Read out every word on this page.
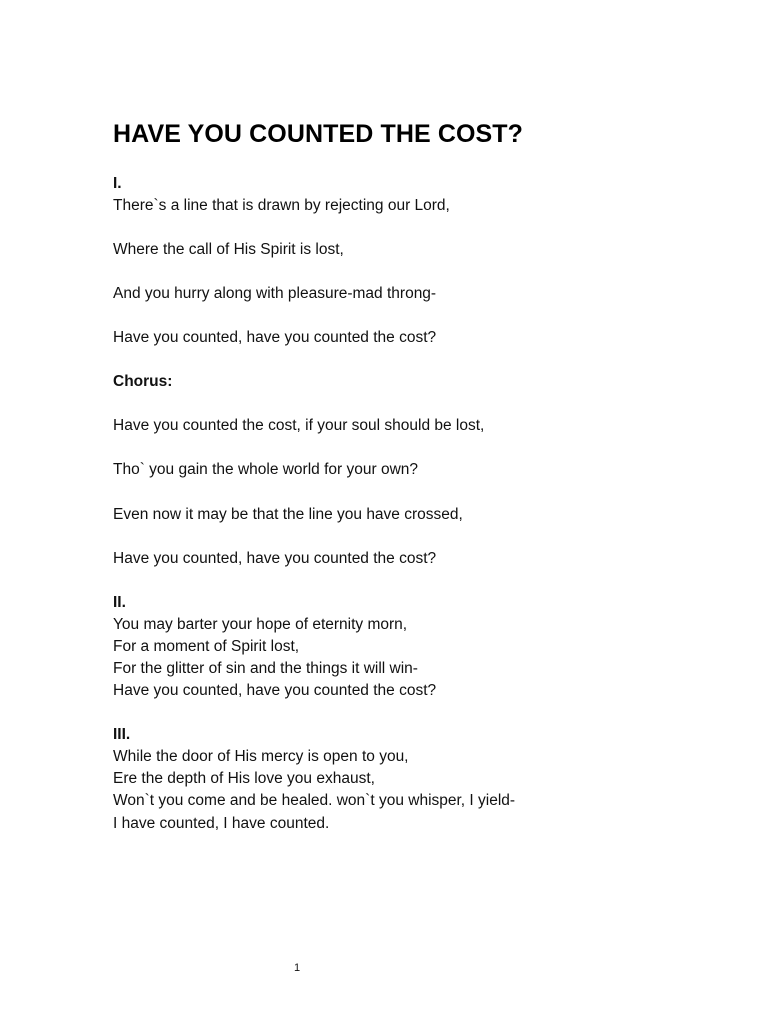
HAVE YOU COUNTED THE COST?

I.

There`s a line that is drawn by rejecting our Lord,

Where the call of His Spirit is lost,

And you hurry along with pleasure-mad throng-

Have you counted, have you counted the cost?

Chorus:

Have you counted the cost, if your soul should be lost,

Tho` you gain the whole world for your own?

Even now it may be that the line you have crossed,

Have you counted, have you counted the cost?

II.

You may barter your hope of eternity morn,

For a moment of Spirit lost,

For the glitter of sin and the things it will win-

Have you counted, have you counted the cost?

III.

While the door of His mercy is open to you,

Ere the depth of His love you exhaust,

Won`t you come and be healed. won`t you whisper, I yield-

I have counted, I have counted.

1
